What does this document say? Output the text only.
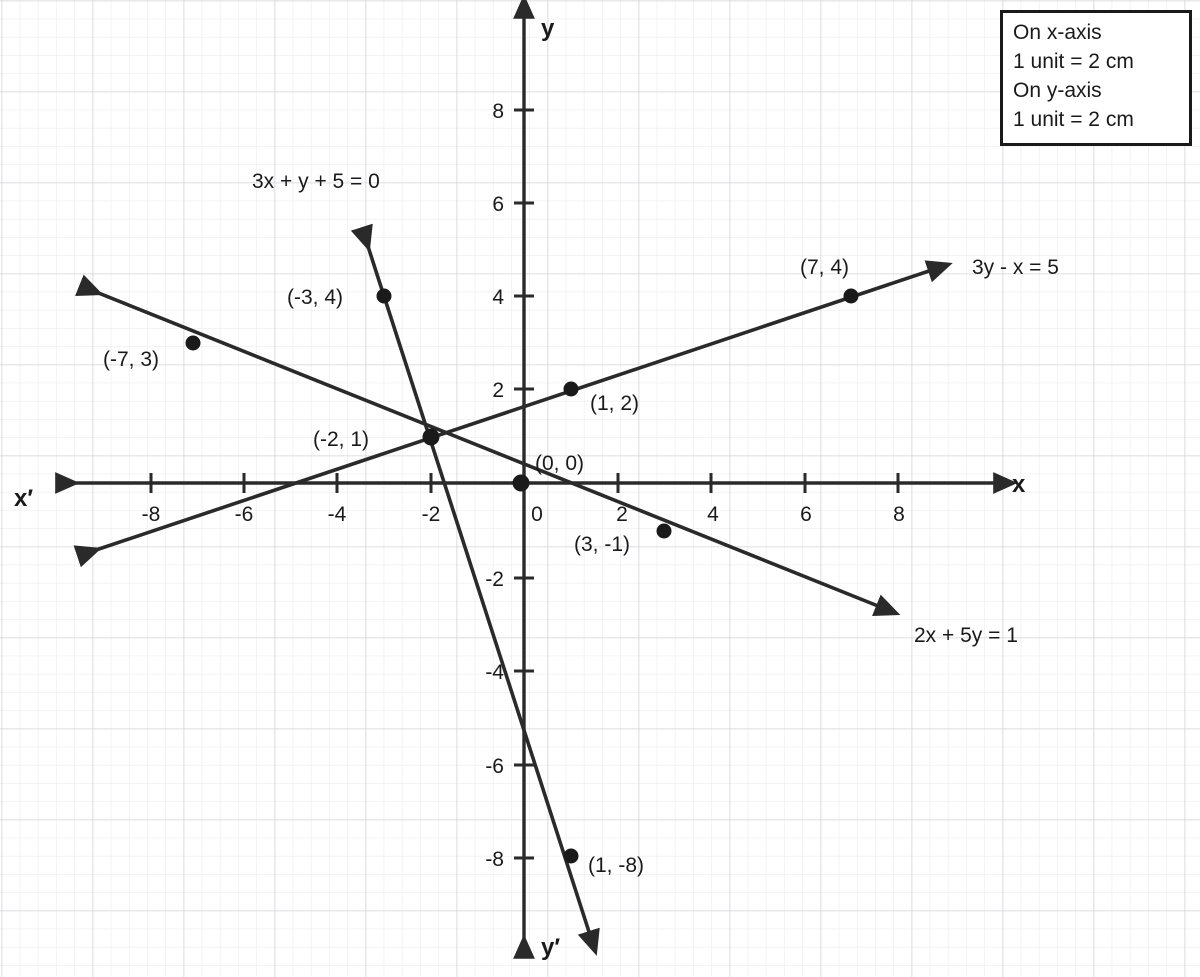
-8	-6	-4	-2	2	4	6	8
0
8
6
4
2
-2
-4
-6
-8
x
x′
y
y′
(-3, 4)
(-2, 1)
(1, -8)
(1, 2)
(7, 4)
(3, -1)
(-7, 3)
(0, 0)
3x + y + 5 = 0
3y - x = 5
2x + 5y = 1
On x-axis
1 unit = 2 cm
On y-axis
1 unit = 2 cm
